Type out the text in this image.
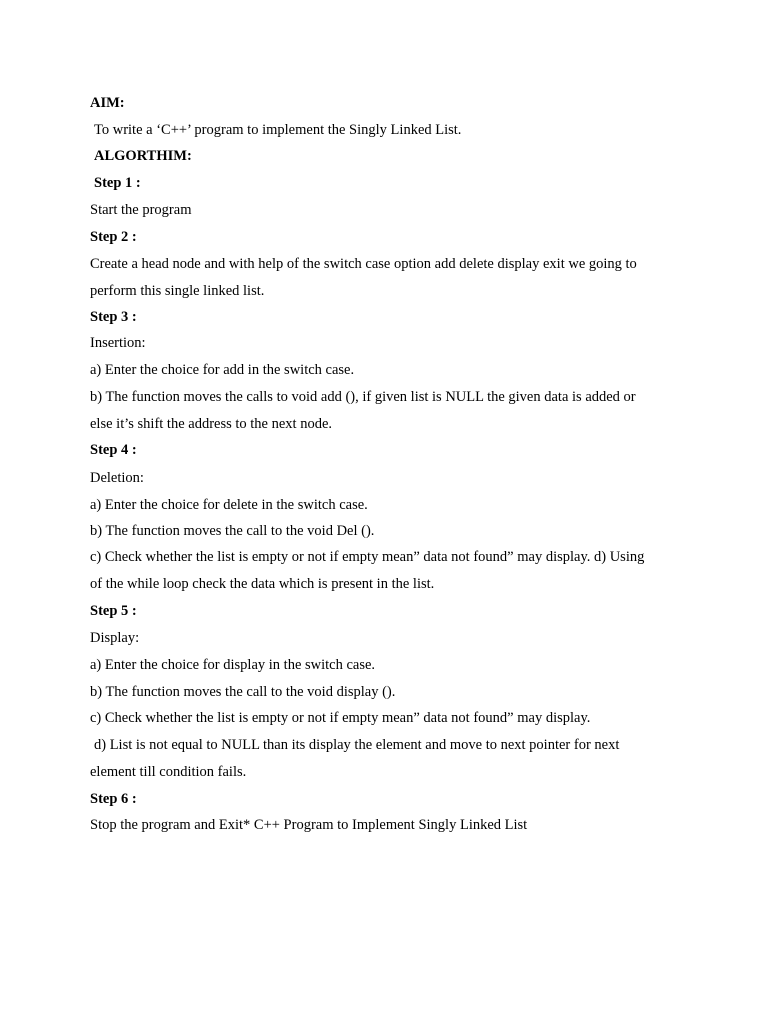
AIM:
To write a ‘C++’ program to implement the Singly Linked List.
ALGORTHIM:
Step 1 :
Start the program
Step 2 :
Create a head node and with help of the switch case option add delete display exit we going to
perform this single linked list.
Step 3 :
Insertion:
a) Enter the choice for add in the switch case.
b) The function moves the calls to void add (), if given list is NULL the given data is added or
else it’s shift the address to the next node.
Step 4 :
Deletion:
a) Enter the choice for delete in the switch case.
b) The function moves the call to the void Del ().
c) Check whether the list is empty or not if empty mean” data not found” may display. d) Using
of the while loop check the data which is present in the list.
Step 5 :
Display:
a) Enter the choice for display in the switch case.
b) The function moves the call to the void display ().
c) Check whether the list is empty or not if empty mean” data not found” may display.
d) List is not equal to NULL than its display the element and move to next pointer for next
element till condition fails.
Step 6 :
Stop the program and Exit* C++ Program to Implement Singly Linked List
